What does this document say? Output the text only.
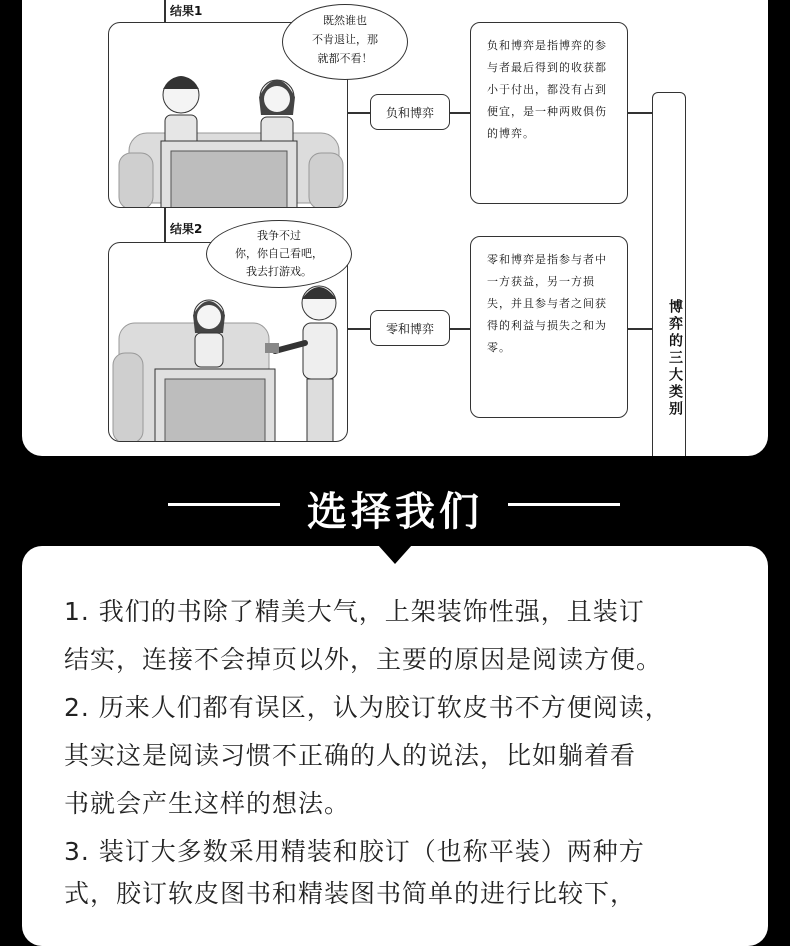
结果1
既然谁也
不肯退让，那
就都不看！
负和博弈
负和博弈是指博弈的参与者最后得到的收获都小于付出，都没有占到便宜，是一种两败俱伤的博弈。
结果2	我争不过
你，你自己看吧，
我去打游戏。
零和博弈
零和博弈是指参与者中一方获益，另一方损失，并且参与者之间获得的利益与损失之和为零。	博弈的三大类别
选择我们
1. 我们的书除了精美大气，上架装饰性强，且装订
结实，连接不会掉页以外，主要的原因是阅读方便。
2. 历来人们都有误区，认为胶订软皮书不方便阅读，
其实这是阅读习惯不正确的人的说法，比如躺着看
书就会产生这样的想法。
3. 装订大多数采用精装和胶订（也称平装）两种方
式，胶订软皮图书和精装图书简单的进行比较下，
